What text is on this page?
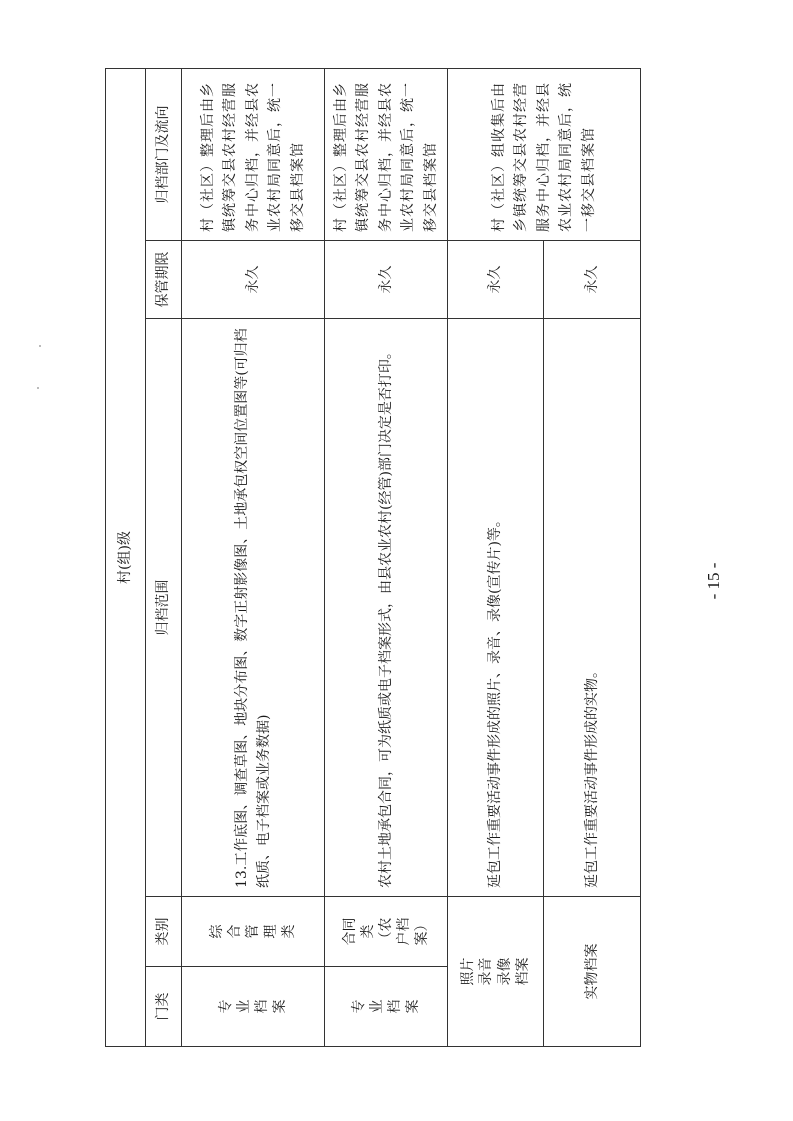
村(组)级				
门类	类别	归档范围	保管期限	归档部门及流向

专业档案	综合管理类	13.工作底图、调查草图、地块分布图、数字正射影像图、土地承包权空间位置图等(可归档纸质、电子档案或业务数据)	永久	村（社区）整理后由乡镇统筹交县农村经营服务中心归档，并经县农业农村局同意后，统一移交县档案馆

专业档案	合同类（农户档案）	农村土地承包合同，可为纸质或电子档案形式，由县农业农村(经管)部门决定是否打印。	永久	村（社区）整理后由乡镇统筹交县农村经营服务中心归档，并经县农业农村局同意后，统一移交县档案馆

照片录音录像档案		延包工作重要活动事件形成的照片、录音、录像(宣传片)等。	永久	村（社区）组收集后由乡镇统筹交县农村经营服务中心归档，并经县农业农村局同意后，统一移交县档案馆

实物档案		延包工作重要活动事件形成的实物。	永久	
- 15 -
